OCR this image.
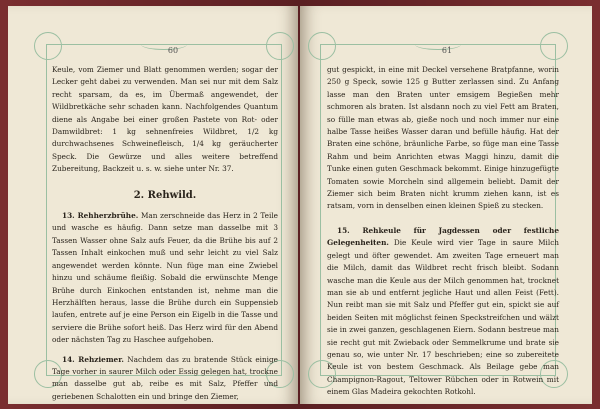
60

Keule, vom Ziemer und Blatt genommen werden; sogar der Lecker geht dabei zu verwenden. Man sei nur mit dem Salz recht sparsam, da es, im Übermaß angewendet, der Wildbretkäche sehr schaden kann. Nachfolgendes Quantum diene als Angabe bei einer großen Pastete von Rot- oder Damwildbret: 1 kg sehnenfreies Wildbret, 1/2 kg durchwachsenes Schweinefleisch, 1/4 kg geräucherter Speck. Die Gewürze und alles weitere betreffend Zubereitung, Backzeit u. s. w. siehe unter Nr. 37.

2. Rehwild.

13. Rehherzbrühe. Man zerschneide das Herz in 2 Teile und wasche es häufig. Dann setze man dasselbe mit 3 Tassen Wasser ohne Salz aufs Feuer, da die Brühe bis auf 2 Tassen Inhalt einkochen muß und sehr leicht zu viel Salz angewendet werden könnte. Nun füge man eine Zwiebel hinzu und schäume fleißig. Sobald die erwünschte Menge Brühe durch Einkochen entstanden ist, nehme man die Herzhälften heraus, lasse die Brühe durch ein Suppensieb laufen, entrete auf je eine Person ein Eigelb in die Tasse und serviere die Brühe sofort heiß. Das Herz wird für den Abend oder nächsten Tag zu Haschee aufgehoben.

14. Rehziemer. Nachdem das zu bratende Stück einige Tage vorher in saurer Milch oder Essig gelegen hat, trockne man dasselbe gut ab, reibe es mit Salz, Pfeffer und geriebenen Schalotten ein und bringe den Ziemer,

61

gut gespickt, in eine mit Deckel versehene Bratpfanne, worin 250 g Speck, sowie 125 g Butter zerlassen sind. Zu Anfang lasse man den Braten unter emsigem Begießen mehr schmoren als braten. Ist alsdann noch zu viel Fett am Braten, so fülle man etwas ab, gieße noch und noch immer nur eine halbe Tasse heißes Wasser daran und befülle häufig. Hat der Braten eine schöne, bräunliche Farbe, so füge man eine Tasse Rahm und beim Anrichten etwas Maggi hinzu, damit die Tunke einen guten Geschmack bekommt. Einige hinzugefügte Tomaten sowie Morcheln sind allgemein beliebt. Damit der Ziemer sich beim Braten nicht krumm ziehen kann, ist es ratsam, vorn in denselben einen kleinen Spieß zu stecken.

15. Rehkeule für Jagdessen oder festliche Gelegenheiten. Die Keule wird vier Tage in saure Milch gelegt und öfter gewendet. Am zweiten Tage erneuert man die Milch, damit das Wildbret recht frisch bleibt. Sodann wasche man die Keule aus der Milch genommen hat, trocknet man sie ab und entfernt jegliche Haut und allen Feist (Fett). Nun reibt man sie mit Salz und Pfeffer gut ein, spickt sie auf beiden Seiten mit möglichst feinen Speckstreifchen und wälzt sie in zwei ganzen, geschlagenen Eiern. Sodann bestreue man sie recht gut mit Zwieback oder Semmelkrume und brate sie genau so, wie unter Nr. 17 beschrieben; eine so zubereitete Keule ist von bestem Geschmack. Als Beilage gebe man Champignon-Ragout, Teltower Rübchen oder in Rotwein mit einem Glas Madeira gekochten Rotkohl.
